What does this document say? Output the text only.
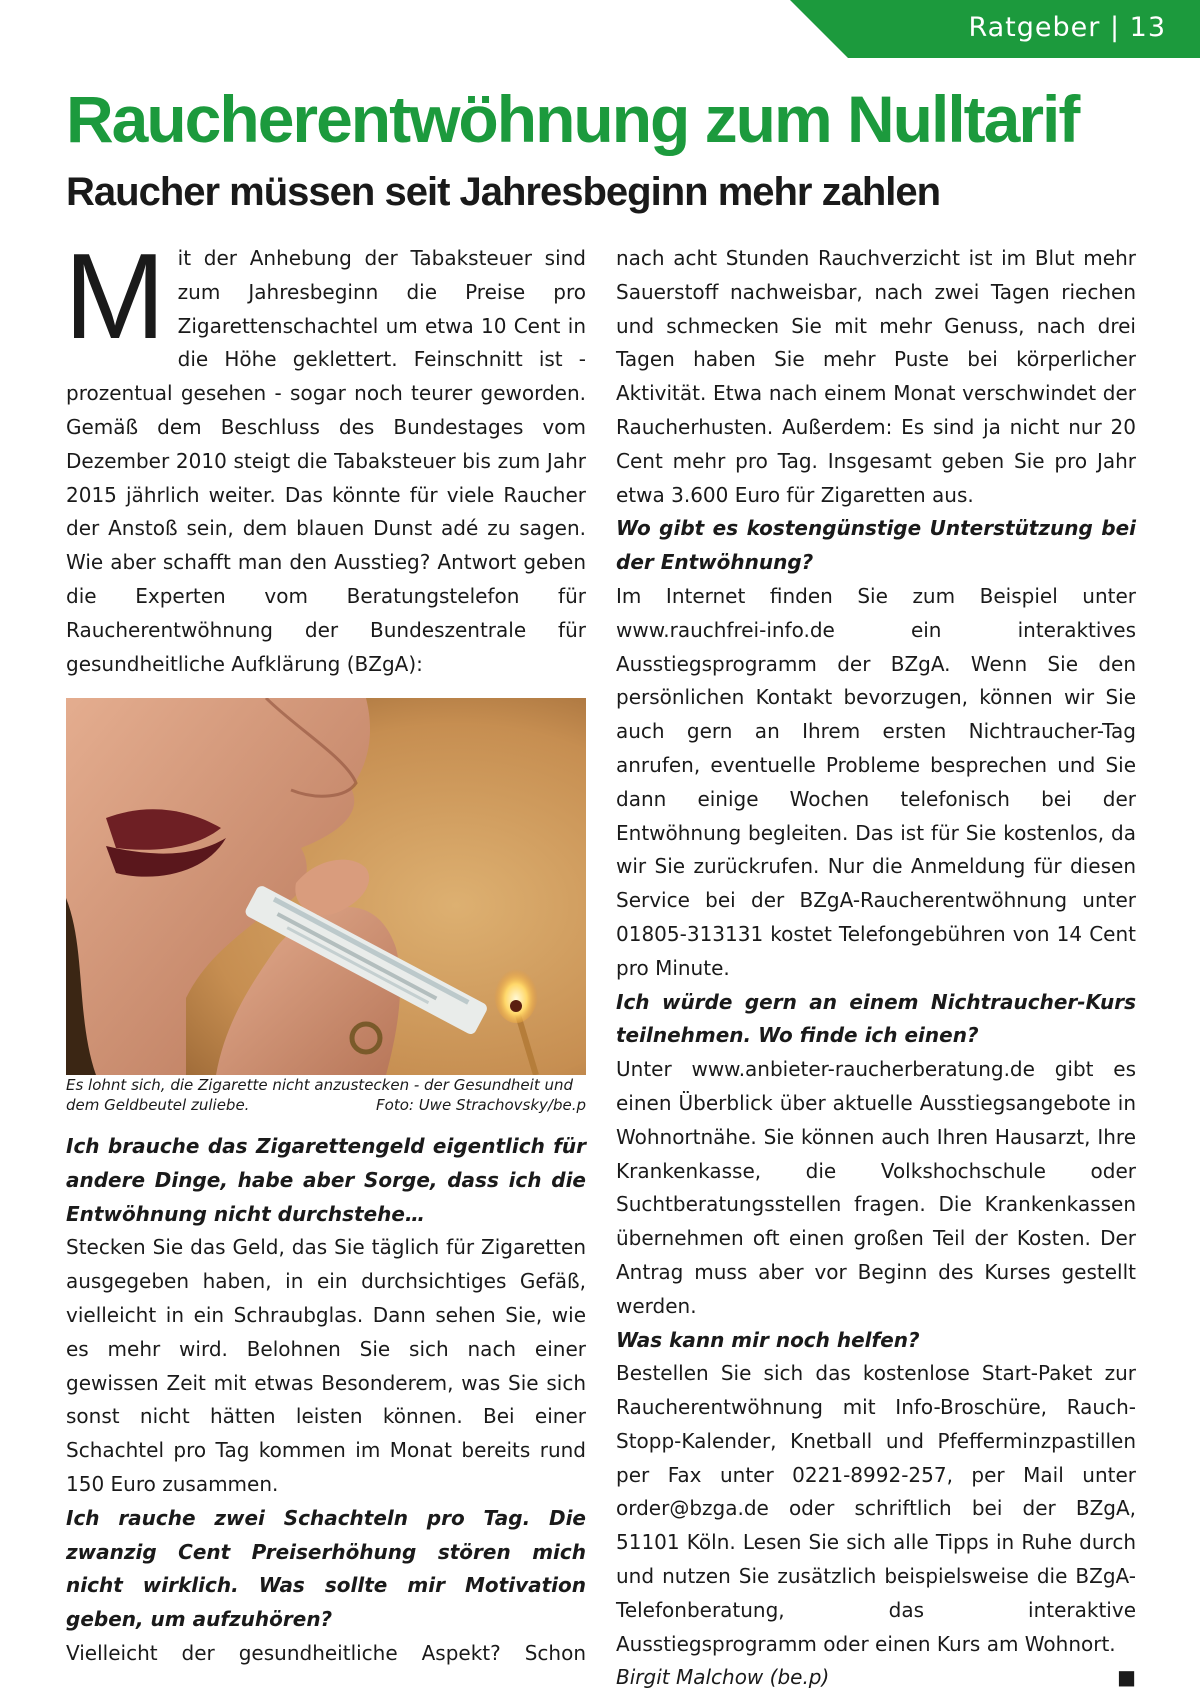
Ratgeber | 13
Raucherentwöhnung zum Nulltarif
Raucher müssen seit Jahresbeginn mehr zahlen
Mit der Anhebung der Tabaksteuer sind zum Jahresbeginn die Preise pro Zigarettenschachtel um etwa 10 Cent in die Höhe geklettert. Feinschnitt ist - prozentual gesehen - sogar noch teurer geworden. Gemäß dem Beschluss des Bundestages vom Dezember 2010 steigt die Tabaksteuer bis zum Jahr 2015 jährlich weiter. Das könnte für viele Raucher der Anstoß sein, dem blauen Dunst adé zu sagen. Wie aber schafft man den Ausstieg? Antwort geben die Experten vom Beratungstelefon für Raucherentwöhnung der Bundeszentrale für gesundheitliche Aufklärung (BZgA):
Es lohnt sich, die Zigarette nicht anzustecken - der Gesundheit und dem Geldbeutel zuliebe.	Foto: Uwe Strachovsky/be.p

Ich brauche das Zigarettengeld eigentlich für andere Dinge, habe aber Sorge, dass ich die Entwöhnung nicht durchstehe…

Stecken Sie das Geld, das Sie täglich für Zigaretten ausgegeben haben, in ein durchsichtiges Gefäß, vielleicht in ein Schraubglas. Dann sehen Sie, wie es mehr wird. Belohnen Sie sich nach einer gewissen Zeit mit etwas Besonderem, was Sie sich sonst nicht hätten leisten können. Bei einer Schachtel pro Tag kommen im Monat bereits rund 150 Euro zusammen.

Ich rauche zwei Schachteln pro Tag. Die zwanzig Cent Preiserhöhung stören mich nicht wirklich. Was sollte mir Motivation geben, um aufzuhören?

Vielleicht der gesundheitliche Aspekt? Schon

nach acht Stunden Rauchverzicht ist im Blut mehr Sauerstoff nachweisbar, nach zwei Tagen riechen und schmecken Sie mit mehr Genuss, nach drei Tagen haben Sie mehr Puste bei körperlicher Aktivität. Etwa nach einem Monat verschwindet der Raucherhusten. Außerdem: Es sind ja nicht nur 20 Cent mehr pro Tag. Insgesamt geben Sie pro Jahr etwa 3.600 Euro für Zigaretten aus.

Wo gibt es kostengünstige Unterstützung bei der Entwöhnung?

Im Internet finden Sie zum Beispiel unter www.rauchfrei-info.de ein interaktives Ausstiegsprogramm der BZgA. Wenn Sie den persönlichen Kontakt bevorzugen, können wir Sie auch gern an Ihrem ersten Nichtraucher-Tag anrufen, eventuelle Probleme besprechen und Sie dann einige Wochen telefonisch bei der Entwöhnung begleiten. Das ist für Sie kostenlos, da wir Sie zurückrufen. Nur die Anmeldung für diesen Service bei der BZgA-Raucherentwöhnung unter 01805-313131 kostet Telefongebühren von 14 Cent pro Minute.

Ich würde gern an einem Nichtraucher-Kurs teilnehmen. Wo finde ich einen?

Unter www.anbieter-raucherberatung.de gibt es einen Überblick über aktuelle Ausstiegsangebote in Wohnortnähe. Sie können auch Ihren Hausarzt, Ihre Krankenkasse, die Volkshochschule oder Suchtberatungsstellen fragen. Die Krankenkassen übernehmen oft einen großen Teil der Kosten. Der Antrag muss aber vor Beginn des Kurses gestellt werden.

Was kann mir noch helfen?

Bestellen Sie sich das kostenlose Start-Paket zur Raucherentwöhnung mit Info-Broschüre, Rauch-Stopp-Kalender, Knetball und Pfefferminzpastillen per Fax unter 0221-8992-257, per Mail unter order@bzga.de oder schriftlich bei der BZgA, 51101 Köln. Lesen Sie sich alle Tipps in Ruhe durch und nutzen Sie zusätzlich beispielsweise die BZgA-Telefonberatung, das interaktive Ausstiegsprogramm oder einen Kurs am Wohnort.

Birgit Malchow (be.p)	■
